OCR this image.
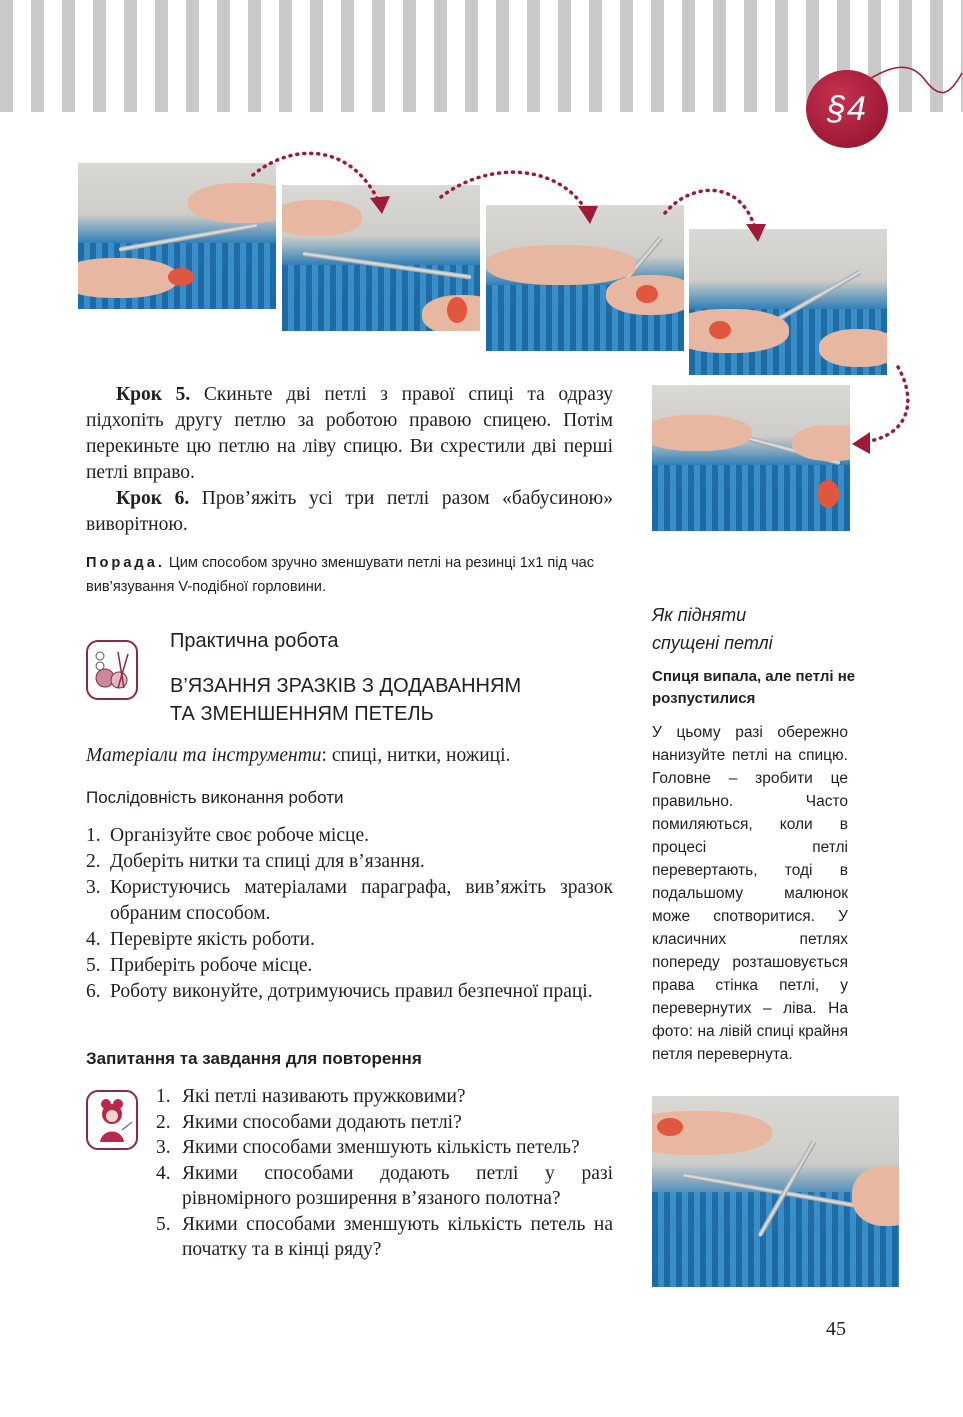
§4

Крок 5. Скиньте дві петлі з правої спиці та одразу підхопіть другу петлю за роботою правою спицею. Потім перекиньте цю петлю на ліву спицю. Ви схрестили дві перші петлі вправо.

Крок 6. Пров’яжіть усі три петлі разом «бабусиною» виворітною.

Порада. Цим способом зручно зменшувати петлі на резинці 1х1 під час вив’язування V-подібної горловини.
Практична робота
В’ЯЗАННЯ ЗРАЗКІВ З ДОДАВАННЯМ
ТА ЗМЕНШЕННЯМ ПЕТЕЛЬ
Матеріали та інструменти: спиці, нитки, ножиці.
Послідовність виконання роботи
1. Організуйте своє робоче місце.
2. Доберіть нитки та спиці для в’язання.
3. Користуючись матеріалами параграфа, вив’яжіть зразок обраним способом.
4. Перевірте якість роботи.
5. Приберіть робоче місце.
6. Роботу виконуйте, дотримуючись правил безпечної праці.
Запитання та завдання для повторення
1. Які петлі називають пружковими?
2. Якими способами додають петлі?
3. Якими способами зменшують кількість петель?
4. Якими способами додають петлі у разі рівномірного розширення в’язаного полотна?
5. Якими способами зменшують кількість петель на початку та в кінці ряду?
Як підняти
спущені петлі
Спиця випала, але петлі не розпустилися
У цьому разі обережно нанизуйте петлі на спицю. Головне – зробити це правильно. Часто помиляються, коли в процесі петлі перевертають, тоді в подальшому малюнок може спотворитися. У класичних петлях попереду розташовується права стінка петлі, у перевернутих – ліва. На фото: на лівій спиці крайня петля перевернута.
45
